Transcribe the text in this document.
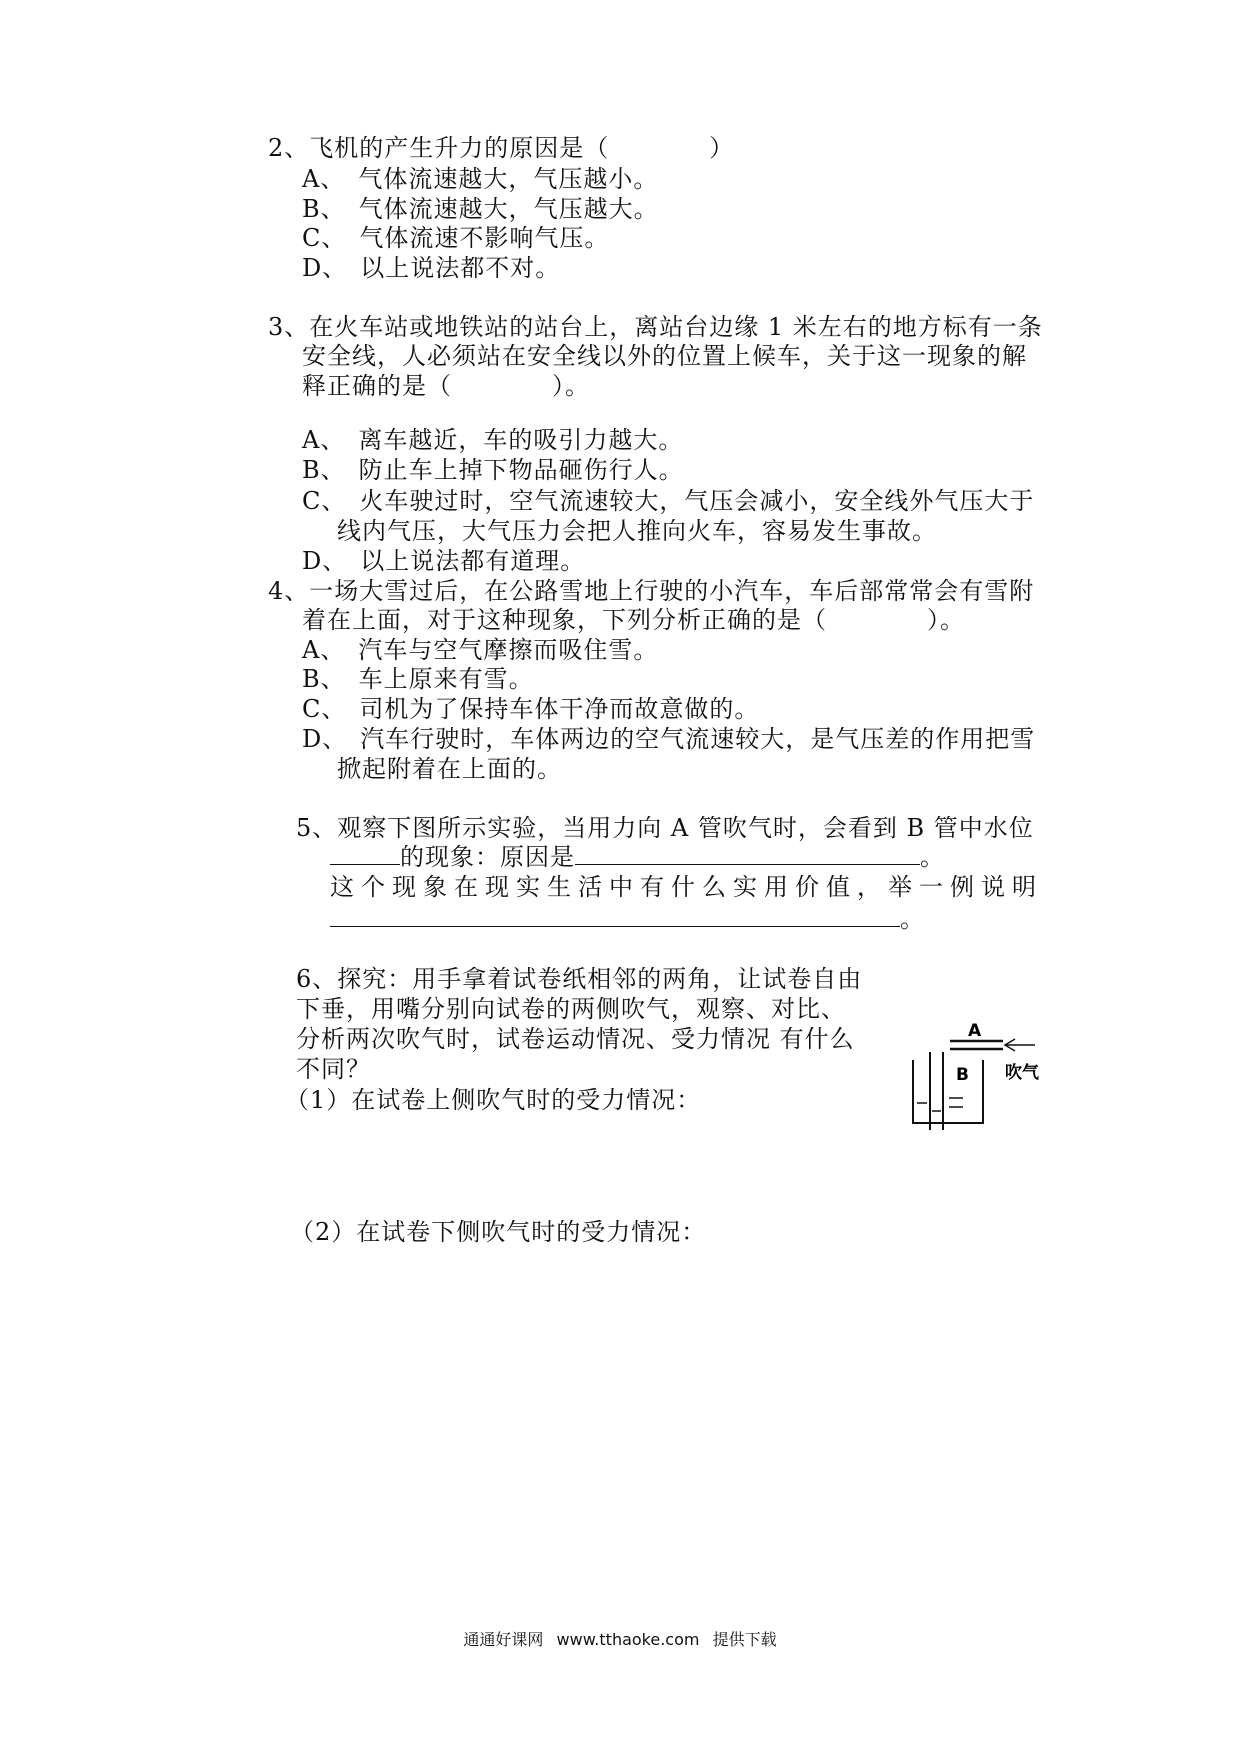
2、飞机的产生升力的原因是（　　　　）
A、　气体流速越大，气压越小。
B、　气体流速越大，气压越大。
C、　气体流速不影响气压。
D、　以上说法都不对。
3、在火车站或地铁站的站台上，离站台边缘 1 米左右的地方标有一条
安全线，人必须站在安全线以外的位置上候车，关于这一现象的解
释正确的是（　　　　）。
A、　离车越近，车的吸引力越大。
B、　防止车上掉下物品砸伤行人。
C、　火车驶过时，空气流速较大，气压会减小，安全线外气压大于
线内气压，大气压力会把人推向火车，容易发生事故。
D、　以上说法都有道理。
4、一场大雪过后，在公路雪地上行驶的小汽车，车后部常常会有雪附
着在上面，对于这种现象，下列分析正确的是（　　　　）。
A、　汽车与空气摩擦而吸住雪。
B、　车上原来有雪。
C、　司机为了保持车体干净而故意做的。
D、　汽车行驶时，车体两边的空气流速较大，是气压差的作用把雪
掀起附着在上面的。
5、观察下图所示实验，当用力向 A 管吹气时，会看到 B 管中水位
的现象：原因是	。
这个现象在现实生活中有什么实用价值，举一例说明
。
6、探究：用手拿着试卷纸相邻的两角，让试卷自由
下垂，用嘴分别向试卷的两侧吹气，观察、对比、
分析两次吹气时，试卷运动情况、受力情况 有什么
不同？
（1）在试卷上侧吹气时的受力情况：
（2）在试卷下侧吹气时的受力情况：
A
吹气
B
通通好课网 www.tthaoke.com 提供下载
